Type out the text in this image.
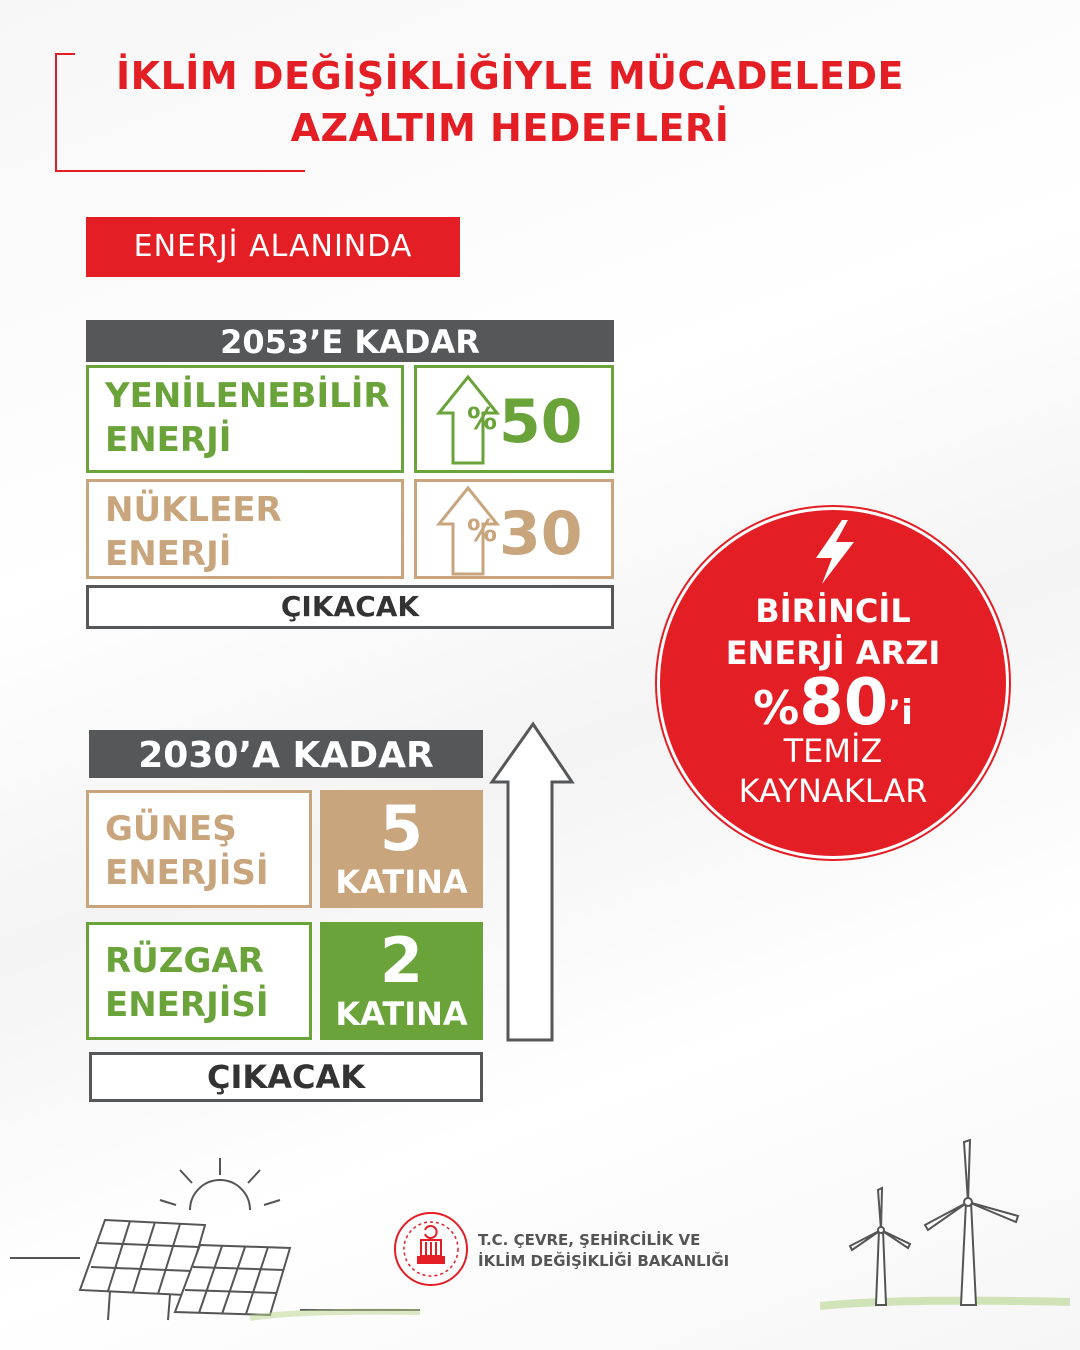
İKLİM DEĞİŞİKLİĞİYLE MÜCADELEDE
AZALTIM HEDEFLERİ
ENERJİ ALANINDA
2053’E KADAR
YENİLENEBİLİR
ENERJİ
% 50
NÜKLEER
ENERJİ
% 30
ÇIKACAK
2030’A KADAR
GÜNEŞ
ENERJİSİ
5
KATINA
RÜZGAR
ENERJİSİ
2
KATINA
ÇIKACAK
BİRİNCİL
ENERJİ ARZI
%80’i
TEMİZ
KAYNAKLAR
T.C. ÇEVRE, ŞEHİRCİLİK VE
İKLİM DEĞİŞİKLİĞİ BAKANLIĞI
